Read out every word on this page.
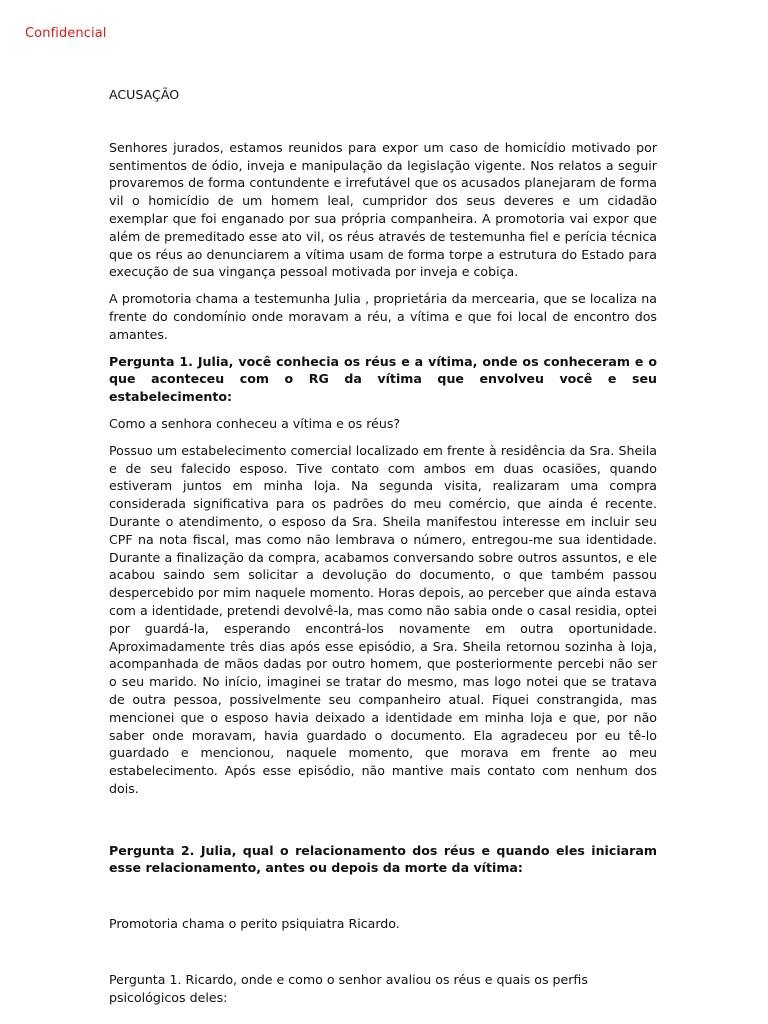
Confidencial

ACUSAÇÃO

Senhores jurados, estamos reunidos para expor um caso de homicídio motivado por sentimentos de ódio, inveja e manipulação da legislação vigente. Nos relatos a seguir provaremos de forma contundente e irrefutável que os acusados planejaram de forma vil o homicídio de um homem leal, cumpridor dos seus deveres e um cidadão exemplar que foi enganado por sua própria companheira. A promotoria vai expor que além de premeditado esse ato vil, os réus através de testemunha fiel e perícia técnica que os réus ao denunciarem a vítima usam de forma torpe a estrutura do Estado para execução de sua vingança pessoal motivada por inveja e cobiça.

A promotoria chama a testemunha Julia , proprietária da mercearia, que se localiza na frente do condomínio onde moravam a réu, a vítima e que foi local de encontro dos amantes.

Pergunta 1. Julia, você conhecia os réus e a vítima, onde os conheceram e o que aconteceu com o RG da vítima que envolveu você e seu estabelecimento:

Como a senhora conheceu a vítima e os réus?

Possuo um estabelecimento comercial localizado em frente à residência da Sra. Sheila e de seu falecido esposo. Tive contato com ambos em duas ocasiões, quando estiveram juntos em minha loja. Na segunda visita, realizaram uma compra considerada significativa para os padrões do meu comércio, que ainda é recente. Durante o atendimento, o esposo da Sra. Sheila manifestou interesse em incluir seu CPF na nota fiscal, mas como não lembrava o número, entregou-me sua identidade. Durante a finalização da compra, acabamos conversando sobre outros assuntos, e ele acabou saindo sem solicitar a devolução do documento, o que também passou despercebido por mim naquele momento. Horas depois, ao perceber que ainda estava com a identidade, pretendi devolvê-la, mas como não sabia onde o casal residia, optei por guardá-la, esperando encontrá-los novamente em outra oportunidade. Aproximadamente três dias após esse episódio, a Sra. Sheila retornou sozinha à loja, acompanhada de mãos dadas por outro homem, que posteriormente percebi não ser o seu marido. No início, imaginei se tratar do mesmo, mas logo notei que se tratava de outra pessoa, possivelmente seu companheiro atual. Fiquei constrangida, mas mencionei que o esposo havia deixado a identidade em minha loja e que, por não saber onde moravam, havia guardado o documento. Ela agradeceu por eu tê-lo guardado e mencionou, naquele momento, que morava em frente ao meu estabelecimento. Após esse episódio, não mantive mais contato com nenhum dos dois.

Pergunta 2. Julia, qual o relacionamento dos réus e quando eles iniciaram esse relacionamento, antes ou depois da morte da vítima:

Promotoria chama o perito psiquiatra Ricardo.

Pergunta 1. Ricardo, onde e como o senhor avaliou os réus e quais os perfis psicológicos deles:
